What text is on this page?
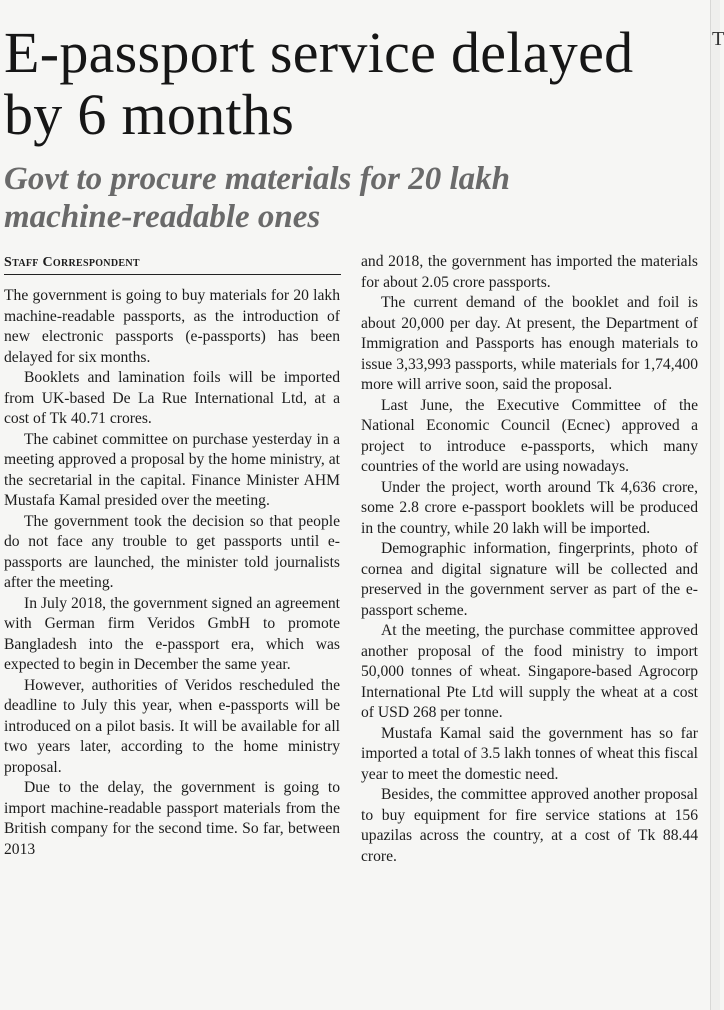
E-passport service delayed by 6 months
Govt to procure materials for 20 lakh machine-readable ones
Staff Correspondent

The government is going to buy materials for 20 lakh machine-readable passports, as the introduction of new electronic passports (e-passports) has been delayed for six months.

Booklets and lamination foils will be imported from UK-based De La Rue International Ltd, at a cost of Tk 40.71 crores.

The cabinet committee on purchase yesterday in a meeting approved a proposal by the home ministry, at the secretarial in the capital. Finance Minister AHM Mustafa Kamal presided over the meeting.

The government took the decision so that people do not face any trouble to get passports until e-passports are launched, the minister told journalists after the meeting.

In July 2018, the government signed an agreement with German firm Veridos GmbH to promote Bangladesh into the e-passport era, which was expected to begin in December the same year.

However, authorities of Veridos rescheduled the deadline to July this year, when e-passports will be introduced on a pilot basis. It will be available for all two years later, according to the home ministry proposal.

Due to the delay, the government is going to import machine-readable passport materials from the British company for the second time. So far, between 2013

and 2018, the government has imported the materials for about 2.05 crore passports.

The current demand of the booklet and foil is about 20,000 per day. At present, the Department of Immigration and Passports has enough materials to issue 3,33,993 passports, while materials for 1,74,400 more will arrive soon, said the proposal.

Last June, the Executive Committee of the National Economic Council (Ecnec) approved a project to introduce e-passports, which many countries of the world are using nowadays.

Under the project, worth around Tk 4,636 crore, some 2.8 crore e-passport booklets will be produced in the country, while 20 lakh will be imported.

Demographic information, fingerprints, photo of cornea and digital signature will be collected and preserved in the government server as part of the e-passport scheme.

At the meeting, the purchase committee approved another proposal of the food ministry to import 50,000 tonnes of wheat. Singapore-based Agrocorp International Pte Ltd will supply the wheat at a cost of USD 268 per tonne.

Mustafa Kamal said the government has so far imported a total of 3.5 lakh tonnes of wheat this fiscal year to meet the domestic need.

Besides, the committee approved another proposal to buy equipment for fire service stations at 156 upazilas across the country, at a cost of Tk 88.44 crore.

T
